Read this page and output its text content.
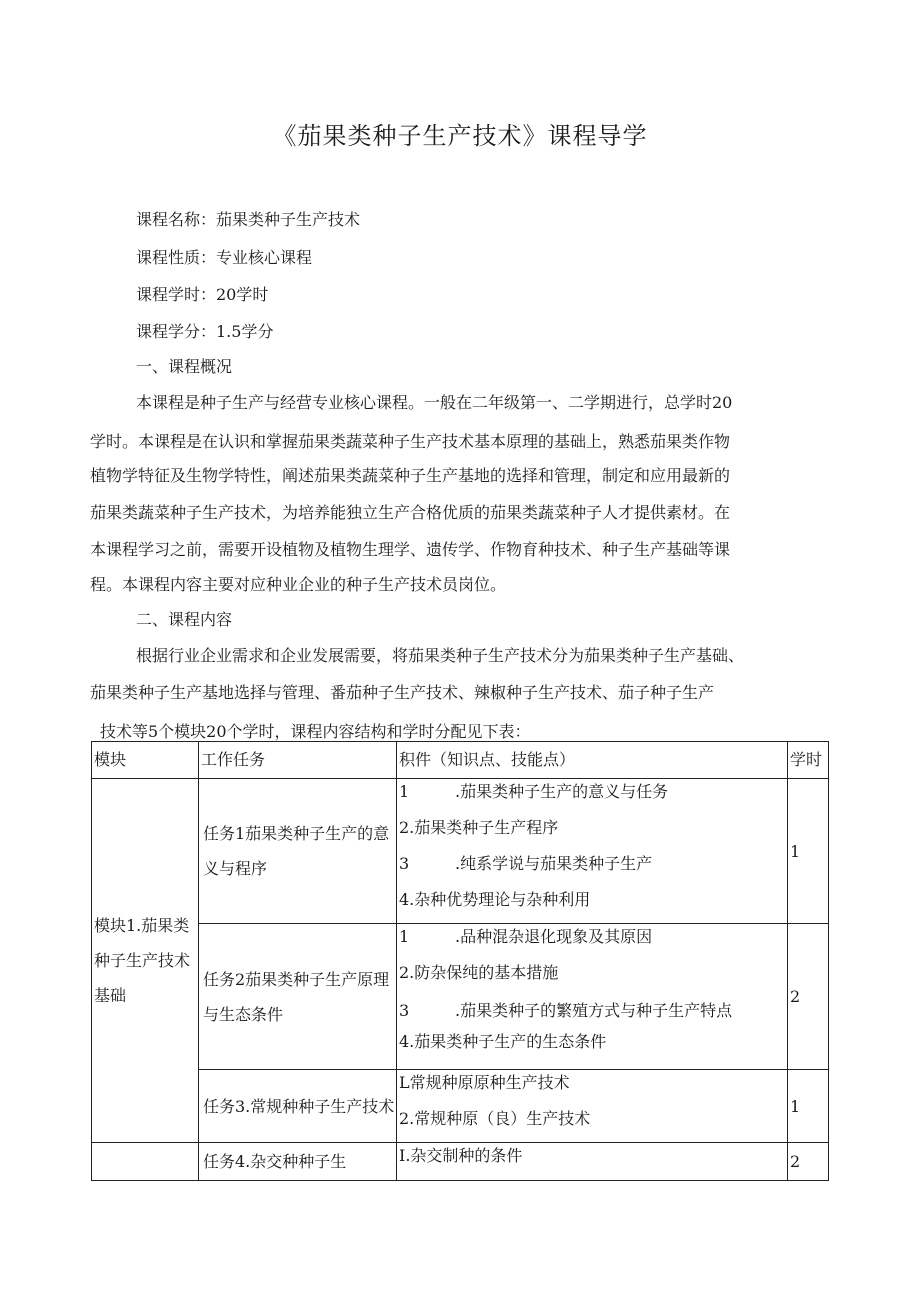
《茄果类种子生产技术》课程导学
课程名称：茄果类种子生产技术
课程性质：专业核心课程
课程学时：20学时
课程学分：1.5学分
一、课程概况
本课程是种子生产与经营专业核心课程。一般在二年级第一、二学期进行，总学时20
学时。本课程是在认识和掌握茄果类蔬菜种子生产技术基本原理的基础上，熟悉茄果类作物
植物学特征及生物学特性，阐述茄果类蔬菜种子生产基地的选择和管理，制定和应用最新的
茄果类蔬菜种子生产技术，为培养能独立生产合格优质的茄果类蔬菜种子人才提供素材。在
本课程学习之前，需要开设植物及植物生理学、遗传学、作物育种技术、种子生产基础等课
程。本课程内容主要对应种业企业的种子生产技术员岗位。
二、课程内容
根据行业企业需求和企业发展需要，将茄果类种子生产技术分为茄果类种子生产基础、
茄果类种子生产基地选择与管理、番茄种子生产技术、辣椒种子生产技术、茄子种子生产
技术等5个模块20个学时，课程内容结构和学时分配见下表：
模块	工作任务	积件（知识点、技能点）	学时
模块1.茄果类种子生产技术基础	任务1茄果类种子生产的意义与程序	1 .茄果类种子生产的意义与任务
2.茄果类种子生产程序
3 .纯系学说与茄果类种子生产
4.杂种优势理论与杂种利用	1
	任务2茄果类种子生产原理与生态条件	1 .品种混杂退化现象及其原因
2.防杂保纯的基本措施
3 .茄果类种子的繁殖方式与种子生产特点
4.茄果类种子生产的生态条件	2
	任务3.常规种种子生产技术	L常规种原原种生产技术
2.常规种原（良）生产技术	1
	任务4.杂交种种子生	I.杂交制种的条件	2
